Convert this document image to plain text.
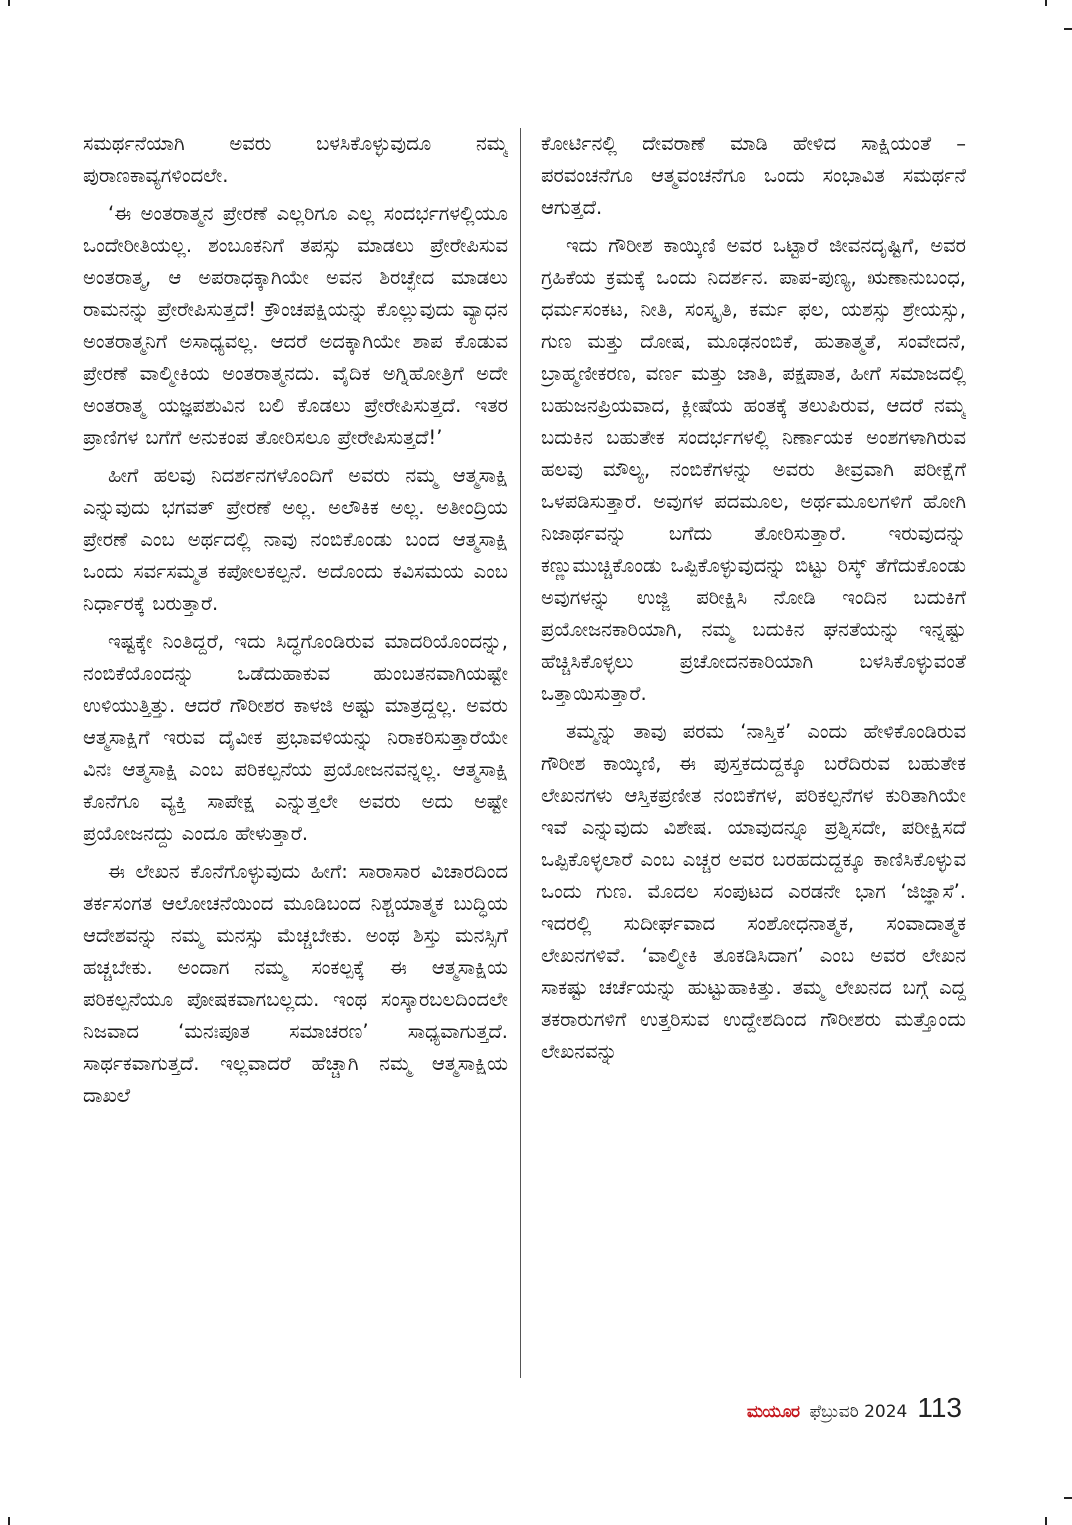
ಸಮರ್ಥನೆಯಾಗಿ ಅವರು ಬಳಸಿಕೊಳ್ಳುವುದೂ ನಮ್ಮ ಪುರಾಣಕಾವ್ಯಗಳಿಂದಲೇ.

‘ಈ ಅಂತರಾತ್ಮನ ಪ್ರೇರಣೆ ಎಲ್ಲರಿಗೂ ಎಲ್ಲ ಸಂದರ್ಭಗಳಲ್ಲಿಯೂ ಒಂದೇರೀತಿಯಲ್ಲ. ಶಂಬೂಕನಿಗೆ ತಪಸ್ಸು ಮಾಡಲು ಪ್ರೇರೇಪಿಸುವ ಅಂತರಾತ್ಮ, ಆ ಅಪರಾಧಕ್ಕಾಗಿಯೇ ಅವನ ಶಿರಚ್ಛೇದ ಮಾಡಲು ರಾಮನನ್ನು ಪ್ರೇರೇಪಿಸುತ್ತದೆ! ಕ್ರೌಂಚಪಕ್ಷಿಯನ್ನು ಕೊಲ್ಲುವುದು ವ್ಯಾಧನ ಅಂತರಾತ್ಮನಿಗೆ ಅಸಾಧ್ಯವಲ್ಲ. ಆದರೆ ಅದಕ್ಕಾಗಿಯೇ ಶಾಪ ಕೊಡುವ ಪ್ರೇರಣೆ ವಾಲ್ಮೀಕಿಯ ಅಂತರಾತ್ಮನದು. ವೈದಿಕ ಅಗ್ನಿಹೋತ್ರಿಗೆ ಅದೇ ಅಂತರಾತ್ಮ ಯಜ್ಞಪಶುವಿನ ಬಲಿ ಕೊಡಲು ಪ್ರೇರೇಪಿಸುತ್ತದೆ. ಇತರ ಪ್ರಾಣಿಗಳ ಬಗೆಗೆ ಅನುಕಂಪ ತೋರಿಸಲೂ ಪ್ರೇರೇಪಿಸುತ್ತದೆ!’

ಹೀಗೆ ಹಲವು ನಿದರ್ಶನಗಳೊಂದಿಗೆ ಅವರು ನಮ್ಮ ಆತ್ಮಸಾಕ್ಷಿ ಎನ್ನುವುದು ಭಗವತ್ ಪ್ರೇರಣೆ ಅಲ್ಲ. ಅಲೌಕಿಕ ಅಲ್ಲ. ಅತೀಂದ್ರಿಯ ಪ್ರೇರಣೆ ಎಂಬ ಅರ್ಥದಲ್ಲಿ ನಾವು ನಂಬಿಕೊಂಡು ಬಂದ ಆತ್ಮಸಾಕ್ಷಿ ಒಂದು ಸರ್ವಸಮ್ಮತ ಕಪೋಲಕಲ್ಪನೆ. ಅದೊಂದು ಕವಿಸಮಯ ಎಂಬ ನಿರ್ಧಾರಕ್ಕೆ ಬರುತ್ತಾರೆ.

ಇಷ್ಟಕ್ಕೇ ನಿಂತಿದ್ದರೆ, ಇದು ಸಿದ್ಧಗೊಂಡಿರುವ ಮಾದರಿಯೊಂದನ್ನು, ನಂಬಿಕೆಯೊಂದನ್ನು ಒಡೆದುಹಾಕುವ ಹುಂಬತನವಾಗಿಯಷ್ಟೇ ಉಳಿಯುತ್ತಿತ್ತು. ಆದರೆ ಗೌರೀಶರ ಕಾಳಜಿ ಅಷ್ಟು ಮಾತ್ರದ್ದಲ್ಲ. ಅವರು ಆತ್ಮಸಾಕ್ಷಿಗೆ ಇರುವ ದೈವೀಕ ಪ್ರಭಾವಳಿಯನ್ನು ನಿರಾಕರಿಸುತ್ತಾರೆಯೇ ವಿನಃ ಆತ್ಮಸಾಕ್ಷಿ ಎಂಬ ಪರಿಕಲ್ಪನೆಯ ಪ್ರಯೋಜನವನ್ನಲ್ಲ. ಆತ್ಮಸಾಕ್ಷಿ ಕೊನೆಗೂ ವ್ಯಕ್ತಿ ಸಾಪೇಕ್ಷ ಎನ್ನುತ್ತಲೇ ಅವರು ಅದು ಅಷ್ಟೇ ಪ್ರಯೋಜನದ್ದು ಎಂದೂ ಹೇಳುತ್ತಾರೆ.

ಈ ಲೇಖನ ಕೊನೆಗೊಳ್ಳುವುದು ಹೀಗೆ: ಸಾರಾಸಾರ ವಿಚಾರದಿಂದ ತರ್ಕಸಂಗತ ಆಲೋಚನೆಯಿಂದ ಮೂಡಿಬಂದ ನಿಶ್ಚಯಾತ್ಮಕ ಬುದ್ಧಿಯ ಆದೇಶವನ್ನು ನಮ್ಮ ಮನಸ್ಸು ಮೆಚ್ಚಬೇಕು. ಅಂಥ ಶಿಸ್ತು ಮನಸ್ಸಿಗೆ ಹಚ್ಚಬೇಕು. ಅಂದಾಗ ನಮ್ಮ ಸಂಕಲ್ಪಕ್ಕೆ ಈ ಆತ್ಮಸಾಕ್ಷಿಯ ಪರಿಕಲ್ಪನೆಯೂ ಪೋಷಕವಾಗಬಲ್ಲದು. ಇಂಥ ಸಂಸ್ಕಾರಬಲದಿಂದಲೇ ನಿಜವಾದ ‘ಮನಃಪೂತ ಸಮಾಚರಣ’ ಸಾಧ್ಯವಾಗುತ್ತದೆ. ಸಾರ್ಥಕವಾಗುತ್ತದೆ. ಇಲ್ಲವಾದರೆ ಹೆಚ್ಚಾಗಿ ನಮ್ಮ ಆತ್ಮಸಾಕ್ಷಿಯ ದಾಖಲೆ

ಕೋರ್ಟಿನಲ್ಲಿ ದೇವರಾಣೆ ಮಾಡಿ ಹೇಳಿದ ಸಾಕ್ಷಿಯಂತೆ – ಪರವಂಚನೆಗೂ ಆತ್ಮವಂಚನೆಗೂ ಒಂದು ಸಂಭಾವಿತ ಸಮರ್ಥನೆ ಆಗುತ್ತದೆ.

ಇದು ಗೌರೀಶ ಕಾಯ್ಕಿಣಿ ಅವರ ಒಟ್ಟಾರೆ ಜೀವನದೃಷ್ಟಿಗೆ, ಅವರ ಗ್ರಹಿಕೆಯ ಕ್ರಮಕ್ಕೆ ಒಂದು ನಿದರ್ಶನ. ಪಾಪ-ಪುಣ್ಯ, ಋಣಾನುಬಂಧ, ಧರ್ಮಸಂಕಟ, ನೀತಿ, ಸಂಸ್ಕೃತಿ, ಕರ್ಮ ಫಲ, ಯಶಸ್ಸು ಶ್ರೇಯಸ್ಸು, ಗುಣ ಮತ್ತು ದೋಷ, ಮೂಢನಂಬಿಕೆ, ಹುತಾತ್ಮತೆ, ಸಂವೇದನೆ, ಬ್ರಾಹ್ಮಣೀಕರಣ, ವರ್ಣ ಮತ್ತು ಜಾತಿ, ಪಕ್ಷಪಾತ, ಹೀಗೆ ಸಮಾಜದಲ್ಲಿ ಬಹುಜನಪ್ರಿಯವಾದ, ಕ್ಲೀಷೆಯ ಹಂತಕ್ಕೆ ತಲುಪಿರುವ, ಆದರೆ ನಮ್ಮ ಬದುಕಿನ ಬಹುತೇಕ ಸಂದರ್ಭಗಳಲ್ಲಿ ನಿರ್ಣಾಯಕ ಅಂಶಗಳಾಗಿರುವ ಹಲವು ಮೌಲ್ಯ, ನಂಬಿಕೆಗಳನ್ನು ಅವರು ತೀವ್ರವಾಗಿ ಪರೀಕ್ಷೆಗೆ ಒಳಪಡಿಸುತ್ತಾರೆ. ಅವುಗಳ ಪದಮೂಲ, ಅರ್ಥಮೂಲಗಳಿಗೆ ಹೋಗಿ ನಿಜಾರ್ಥವನ್ನು ಬಗೆದು ತೋರಿಸುತ್ತಾರೆ. ಇರುವುದನ್ನು ಕಣ್ಣುಮುಚ್ಚಿಕೊಂಡು ಒಪ್ಪಿಕೊಳ್ಳುವುದನ್ನು ಬಿಟ್ಟು ರಿಸ್ಕ್ ತೆಗೆದುಕೊಂಡು ಅವುಗಳನ್ನು ಉಜ್ಜಿ ಪರೀಕ್ಷಿಸಿ ನೋಡಿ ಇಂದಿನ ಬದುಕಿಗೆ ಪ್ರಯೋಜನಕಾರಿಯಾಗಿ, ನಮ್ಮ ಬದುಕಿನ ಘನತೆಯನ್ನು ಇನ್ನಷ್ಟು ಹೆಚ್ಚಿಸಿಕೊಳ್ಳಲು ಪ್ರಚೋದನಕಾರಿಯಾಗಿ ಬಳಸಿಕೊಳ್ಳುವಂತೆ ಒತ್ತಾಯಿಸುತ್ತಾರೆ.

ತಮ್ಮನ್ನು ತಾವು ಪರಮ ‘ನಾಸ್ತಿಕ’ ಎಂದು ಹೇಳಿಕೊಂಡಿರುವ ಗೌರೀಶ ಕಾಯ್ಕಿಣಿ, ಈ ಪುಸ್ತಕದುದ್ದಕ್ಕೂ ಬರೆದಿರುವ ಬಹುತೇಕ ಲೇಖನಗಳು ಆಸ್ತಿಕಪ್ರಣೀತ ನಂಬಿಕೆಗಳ, ಪರಿಕಲ್ಪನೆಗಳ ಕುರಿತಾಗಿಯೇ ಇವೆ ಎನ್ನುವುದು ವಿಶೇಷ. ಯಾವುದನ್ನೂ ಪ್ರಶ್ನಿಸದೇ, ಪರೀಕ್ಷಿಸದೆ ಒಪ್ಪಿಕೊಳ್ಳಲಾರೆ ಎಂಬ ಎಚ್ಚರ ಅವರ ಬರಹದುದ್ದಕ್ಕೂ ಕಾಣಿಸಿಕೊಳ್ಳುವ ಒಂದು ಗುಣ. ಮೊದಲ ಸಂಪುಟದ ಎರಡನೇ ಭಾಗ ‘ಜಿಜ್ಞಾಸೆ’. ಇದರಲ್ಲಿ ಸುದೀರ್ಘವಾದ ಸಂಶೋಧನಾತ್ಮಕ, ಸಂವಾದಾತ್ಮಕ ಲೇಖನಗಳಿವೆ. ‘ವಾಲ್ಮೀಕಿ ತೂಕಡಿಸಿದಾಗ’ ಎಂಬ ಅವರ ಲೇಖನ ಸಾಕಷ್ಟು ಚರ್ಚೆಯನ್ನು ಹುಟ್ಟುಹಾಕಿತ್ತು. ತಮ್ಮ ಲೇಖನದ ಬಗ್ಗೆ ಎದ್ದ ತಕರಾರುಗಳಿಗೆ ಉತ್ತರಿಸುವ ಉದ್ದೇಶದಿಂದ ಗೌರೀಶರು ಮತ್ತೊಂದು ಲೇಖನವನ್ನು

ಮಯೂರ ಫೆಬ್ರುವರಿ 2024 113
